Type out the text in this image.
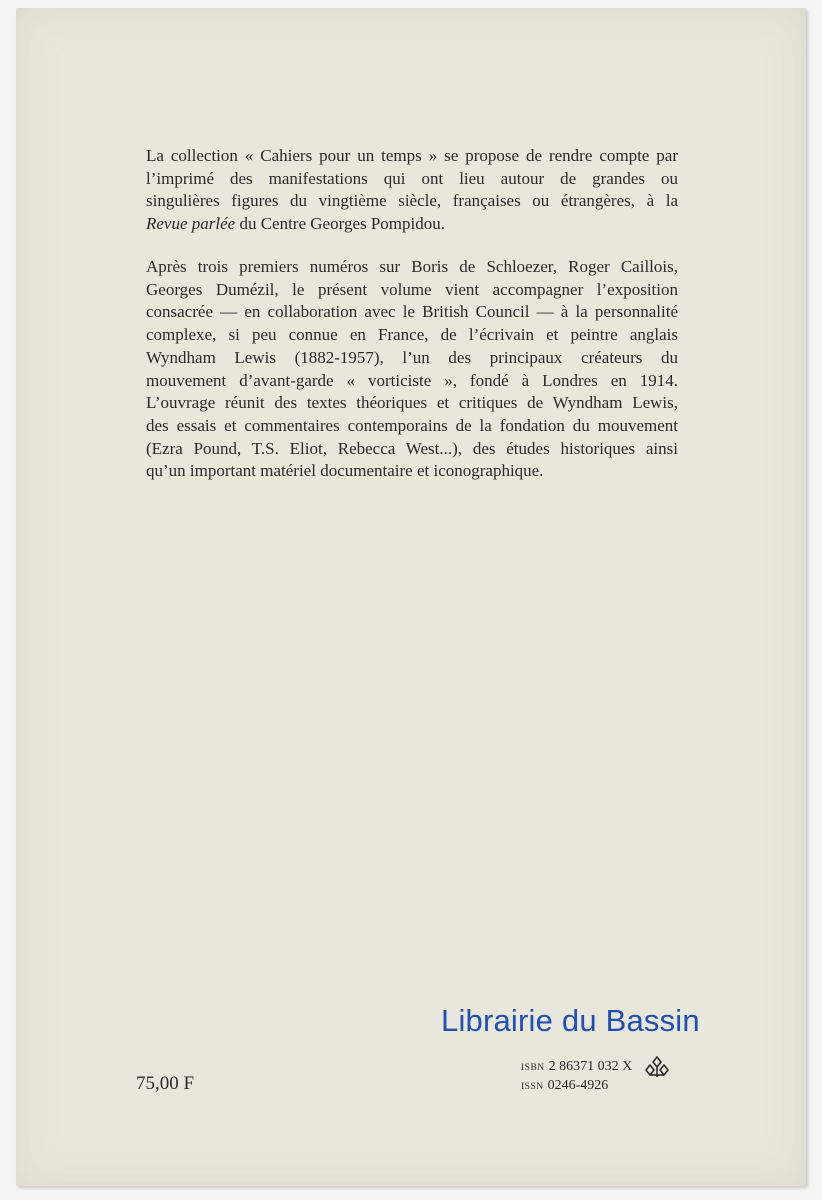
La collection « Cahiers pour un temps » se propose de rendre compte par
l’imprimé des manifestations qui ont lieu autour de grandes ou
singulières figures du vingtième siècle, françaises ou étrangères, à la
Revue parlée du Centre Georges Pompidou.
Après trois premiers numéros sur Boris de Schloezer, Roger Caillois,
Georges Dumézil, le présent volume vient accompagner l’exposition
consacrée — en collaboration avec le British Council — à la personnalité
complexe, si peu connue en France, de l’écrivain et peintre anglais
Wyndham Lewis (1882-1957), l’un des principaux créateurs du
mouvement d’avant-garde « vorticiste », fondé à Londres en 1914.
L’ouvrage réunit des textes théoriques et critiques de Wyndham Lewis,
des essais et commentaires contemporains de la fondation du mouvement
(Ezra Pound, T.S. Eliot, Rebecca West...), des études historiques ainsi
qu’un important matériel documentaire et iconographique.
Librairie du Bassin
75,00 F
ISBN 2 86371 032 X
ISSN 0246-4926
